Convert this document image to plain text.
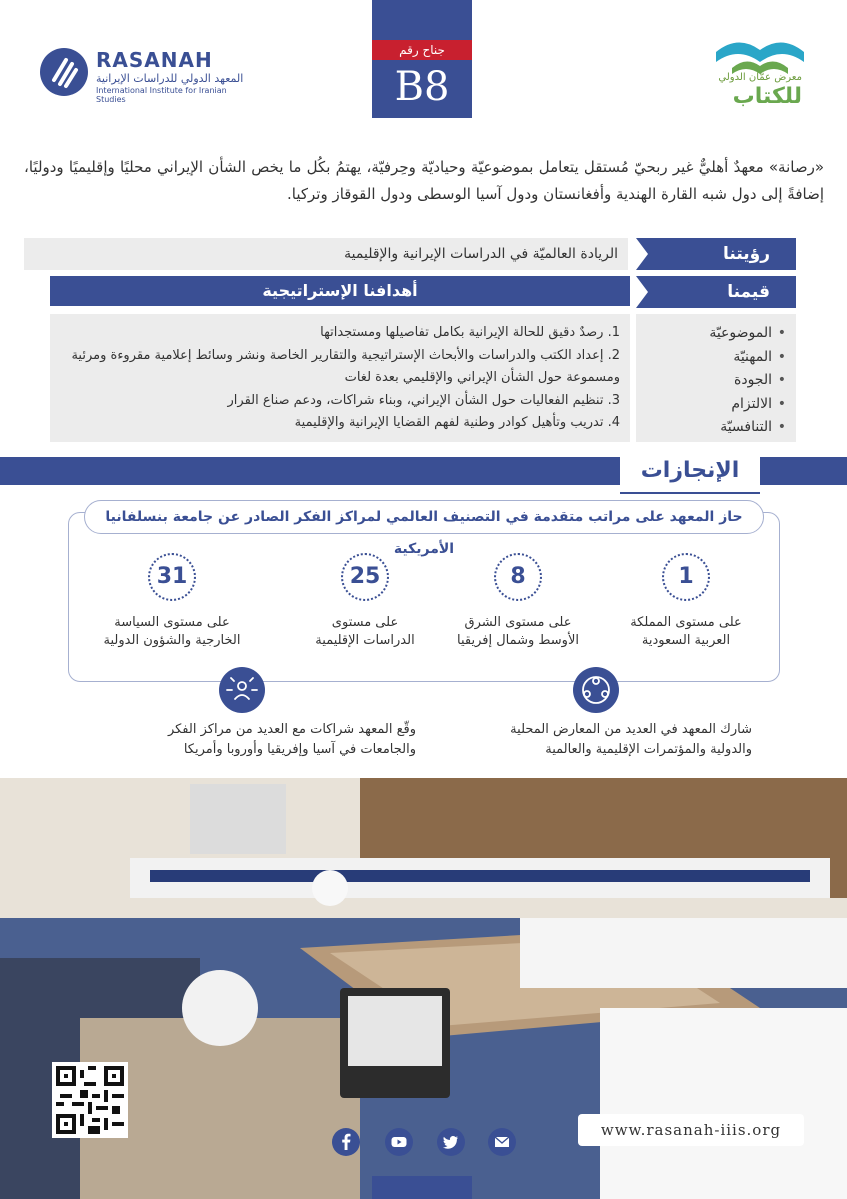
جناح رقم
B8	معرض عمّان الدولي
للكتاب
RASANAH
المعهد الدولي للدراسات الإيرانية
International Institute for Iranian Studies

«رصانة» معهدٌ أهليٌّ غير ربحيّ مُستقل يتعامل بموضوعيّة وحياديّة وحِرفيّة، يهتمُ بكُل ما يخص الشأن الإيراني محليًا وإقليميًا ودوليًا، إضافةً إلى دول شبه القارة الهندية وأفغانستان ودول آسيا الوسطى ودول القوقاز وتركيا.

الريادة العالميّة في الدراسات الإيرانية والإقليمية	رؤيتنا
قيمنا
أهدافنا الإستراتيجية
• الموضوعيّة
• المهنيّة
• الجودة
• الالتزام
• التنافسيّة
1. رصدٌ دقيق للحالة الإيرانية بكامل تفاصيلها ومستجداتها
2. إعداد الكتب والدراسات والأبحاث الإستراتيجية والتقارير الخاصة ونشر وسائط إعلامية مقروءة ومرئية ومسموعة حول الشأن الإيراني والإقليمي بعدة لغات
3. تنظيم الفعاليات حول الشأن الإيراني، وبناء شراكات، ودعم صناع القرار
4. تدريب وتأهيل كوادر وطنية لفهم القضايا الإيرانية والإقليمية
الإنجازات
حاز المعهد على مراتب متقدمة في التصنيف العالمي لمراكز الفكر الصادر عن جامعة بنسلفانيا الأمريكية
1
على مستوى المملكة
العربية السعودية
8
على مستوى الشرق
الأوسط وشمال إفريقيا
25
على مستوى
الدراسات الإقليمية
31
على مستوى السياسة
الخارجية والشؤون الدولية
شارك المعهد في العديد من المعارض المحلية
والدولية والمؤتمرات الإقليمية والعالمية
وقّع المعهد شراكات مع العديد من مراكز الفكر
والجامعات في آسيا وإفريقيا وأوروبا وأمريكا
www.rasanah-iiis.org
